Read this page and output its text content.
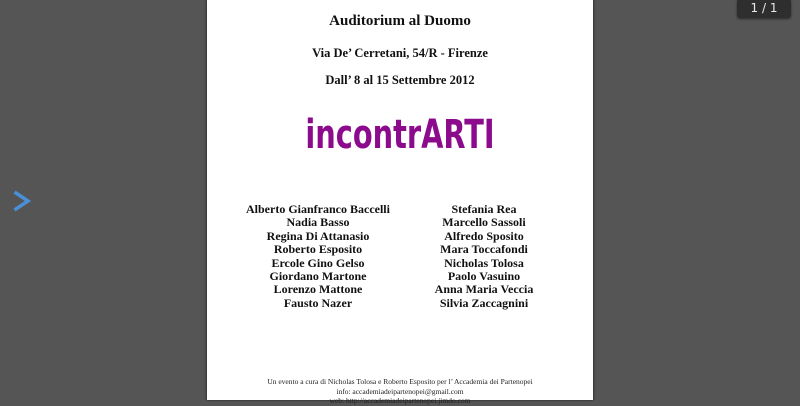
Auditorium al Duomo
Via De’ Cerretani, 54/R - Firenze
Dall’ 8 al 15 Settembre 2012
incontrARTI
Alberto Gianfranco Baccelli
Nadia Basso
Regina Di Attanasio
Roberto Esposito
Ercole Gino Gelso
Giordano Martone
Lorenzo Mattone
Fausto Nazer
Stefania Rea
Marcello Sassoli
Alfredo Sposito
Mara Toccafondi
Nicholas Tolosa
Paolo Vasuino
Anna Maria Veccia
Silvia Zaccagnini
Un evento a cura di Nicholas Tolosa e Roberto Esposito per l’ Accademia dei Partenopei
info: accademiadeipartenopei@gmail.com
web: http://accademiadeipartenopei.jimdo.com
1 / 1
